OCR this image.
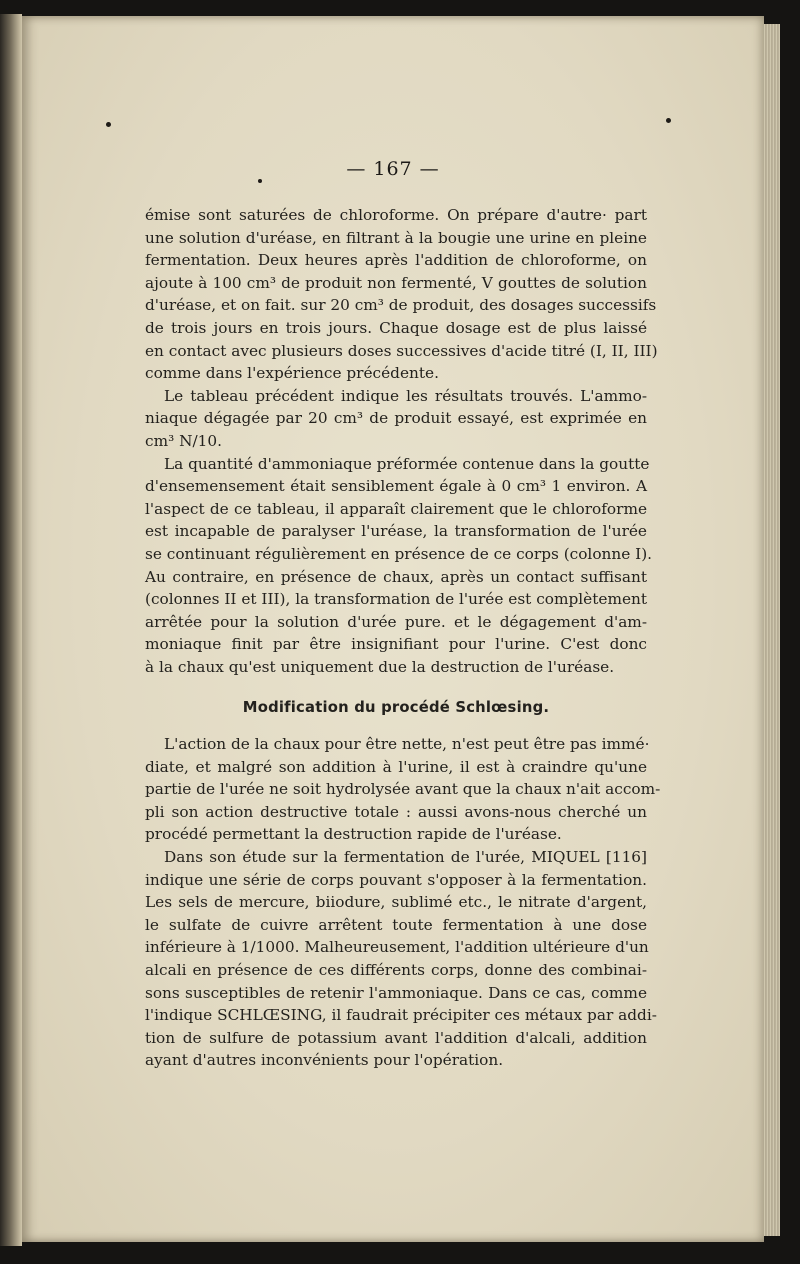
— 167 —
émise sont saturées de chloroforme. On prépare d'autre· part
une solution d'uréase, en filtrant à la bougie une urine en pleine
fermentation. Deux heures après l'addition de chloroforme, on
ajoute à 100 cm³ de produit non fermenté, V gouttes de solution
d'uréase, et on fait. sur 20 cm³ de produit, des dosages successifs
de trois jours en trois jours. Chaque dosage est de plus laissé
en contact avec plusieurs doses successives d'acide titré (I, II, III)
comme dans l'expérience précédente.
Le tableau précédent indique les résultats trouvés. L'ammo-
niaque dégagée par 20 cm³ de produit essayé, est exprimée en
cm³ N/10.
La quantité d'ammoniaque préformée contenue dans la goutte
d'ensemensement était sensiblement égale à 0 cm³ 1 environ. A
l'aspect de ce tableau, il apparaît clairement que le chloroforme
est incapable de paralyser l'uréase, la transformation de l'urée
se continuant régulièrement en présence de ce corps (colonne I).
Au contraire, en présence de chaux, après un contact suffisant
(colonnes II et III), la transformation de l'urée est complètement
arrêtée pour la solution d'urée pure. et le dégagement d'am-
moniaque finit par être insignifiant pour l'urine. C'est donc
à la chaux qu'est uniquement due la destruction de l'uréase.
Modification du procédé Schlœsing.
L'action de la chaux pour être nette, n'est peut être pas immé·
diate, et malgré son addition à l'urine, il est à craindre qu'une
partie de l'urée ne soit hydrolysée avant que la chaux n'ait accom-
pli son action destructive totale : aussi avons-nous cherché un
procédé permettant la destruction rapide de l'uréase.
Dans son étude sur la fermentation de l'urée, MIQUEL [116]
indique une série de corps pouvant s'opposer à la fermentation.
Les sels de mercure, biiodure, sublimé etc., le nitrate d'argent,
le sulfate de cuivre arrêtent toute fermentation à une dose
inférieure à 1/1000. Malheureusement, l'addition ultérieure d'un
alcali en présence de ces différents corps, donne des combinai-
sons susceptibles de retenir l'ammoniaque. Dans ce cas, comme
l'indique SCHLŒSING, il faudrait précipiter ces métaux par addi-
tion de sulfure de potassium avant l'addition d'alcali, addition
ayant d'autres inconvénients pour l'opération.
